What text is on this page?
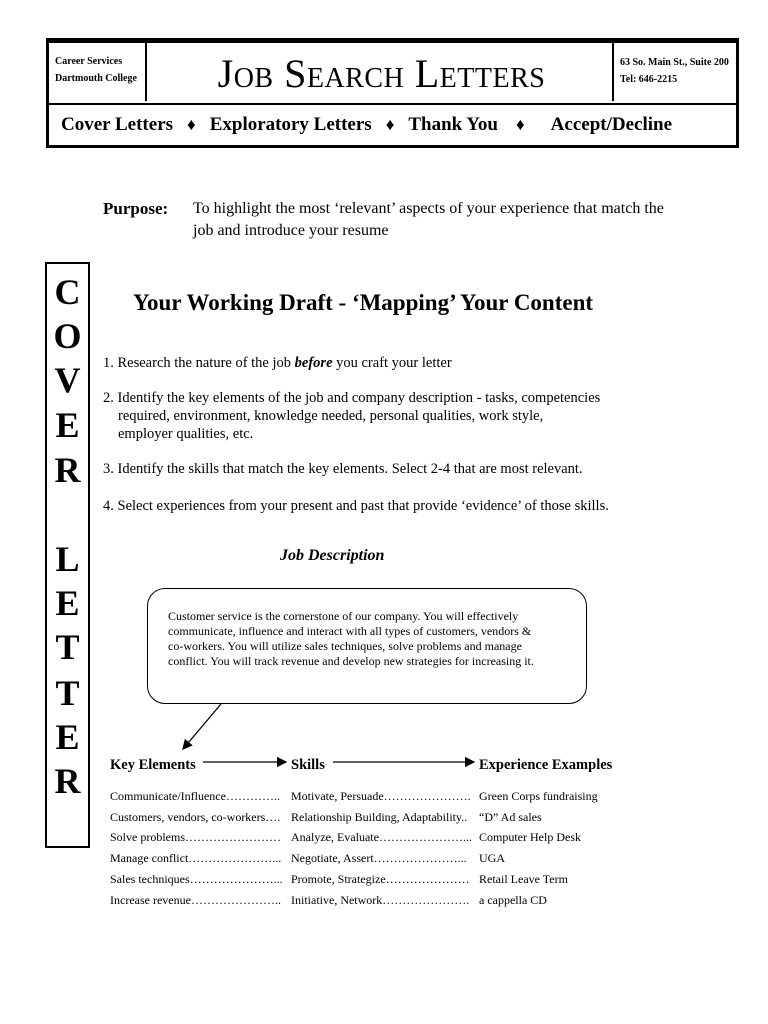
Career Services
Dartmouth College	Job Search Letters	63 So. Main St., Suite 200
Tel: 646-2215
Cover Letters ♦ Exploratory Letters ♦ Thank You ♦ Accept/Decline
Purpose: To highlight the most ‘relevant’ aspects of your experience that match the
job and introduce your resume
C
O
V
E
R
L
E
T
T
E
R
Your Working Draft - ‘Mapping’ Your Content
1. Research the nature of the job before you craft your letter
2. Identify the key elements of the job and company description - tasks, competencies
required, environment, knowledge needed, personal qualities, work style,
employer qualities, etc.
3. Identify the skills that match the key elements. Select 2-4 that are most relevant.
4. Select experiences from your present and past that provide ‘evidence’ of those skills.
Job Description
Customer service is the cornerstone of our company. You will effectively
communicate, influence and interact with all types of customers, vendors &
co-workers. You will utilize sales techniques, solve problems and manage
conflict. You will track revenue and develop new strategies for increasing it.
Key Elements	Skills	Experience Examples
Communicate/Influence………….. Motivate, Persuade…………………. Green Corps fundraising
Customers, vendors, co-workers…. Relationship Building, Adaptability.. “D” Ad sales
Solve problems…………………… Analyze, Evaluate…………………... Computer Help Desk
Manage conflict…………………... Negotiate, Assert…………………... UGA
Sales techniques…………………... Promote, Strategize………………… Retail Leave Term
Increase revenue………………….. Initiative, Network…………………. a cappella CD
